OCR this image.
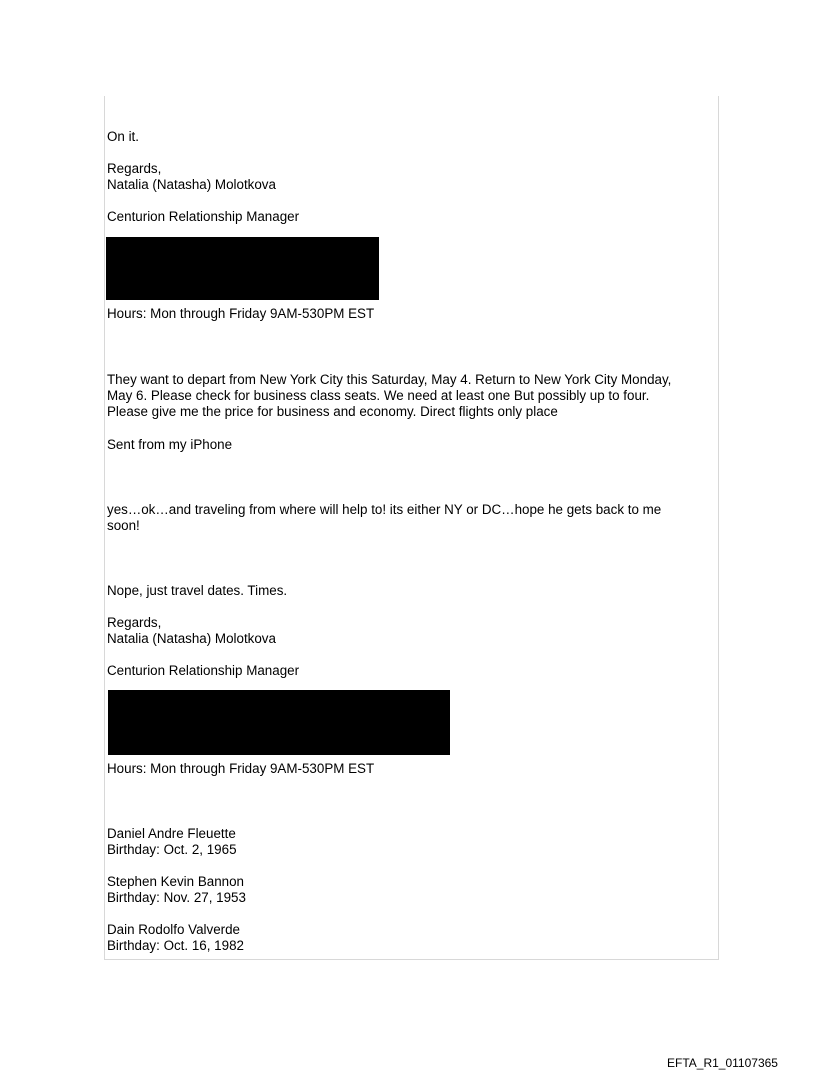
On it.
Regards,
Natalia (Natasha) Molotkova
Centurion Relationship Manager
Hours: Mon through Friday 9AM-530PM EST
They want to depart from New York City this Saturday, May 4. Return to New York City Monday,
May 6. Please check for business class seats. We need at least one But possibly up to four.
Please give me the price for business and economy. Direct flights only place
Sent from my iPhone
yes…ok…and traveling from where will help to! its either NY or DC…hope he gets back to me
soon!
Nope, just travel dates. Times.
Regards,
Natalia (Natasha) Molotkova
Centurion Relationship Manager
Hours: Mon through Friday 9AM-530PM EST
Daniel Andre Fleuette
Birthday: Oct. 2, 1965
Stephen Kevin Bannon
Birthday: Nov. 27, 1953
Dain Rodolfo Valverde
Birthday: Oct. 16, 1982
EFTA_R1_01107365
